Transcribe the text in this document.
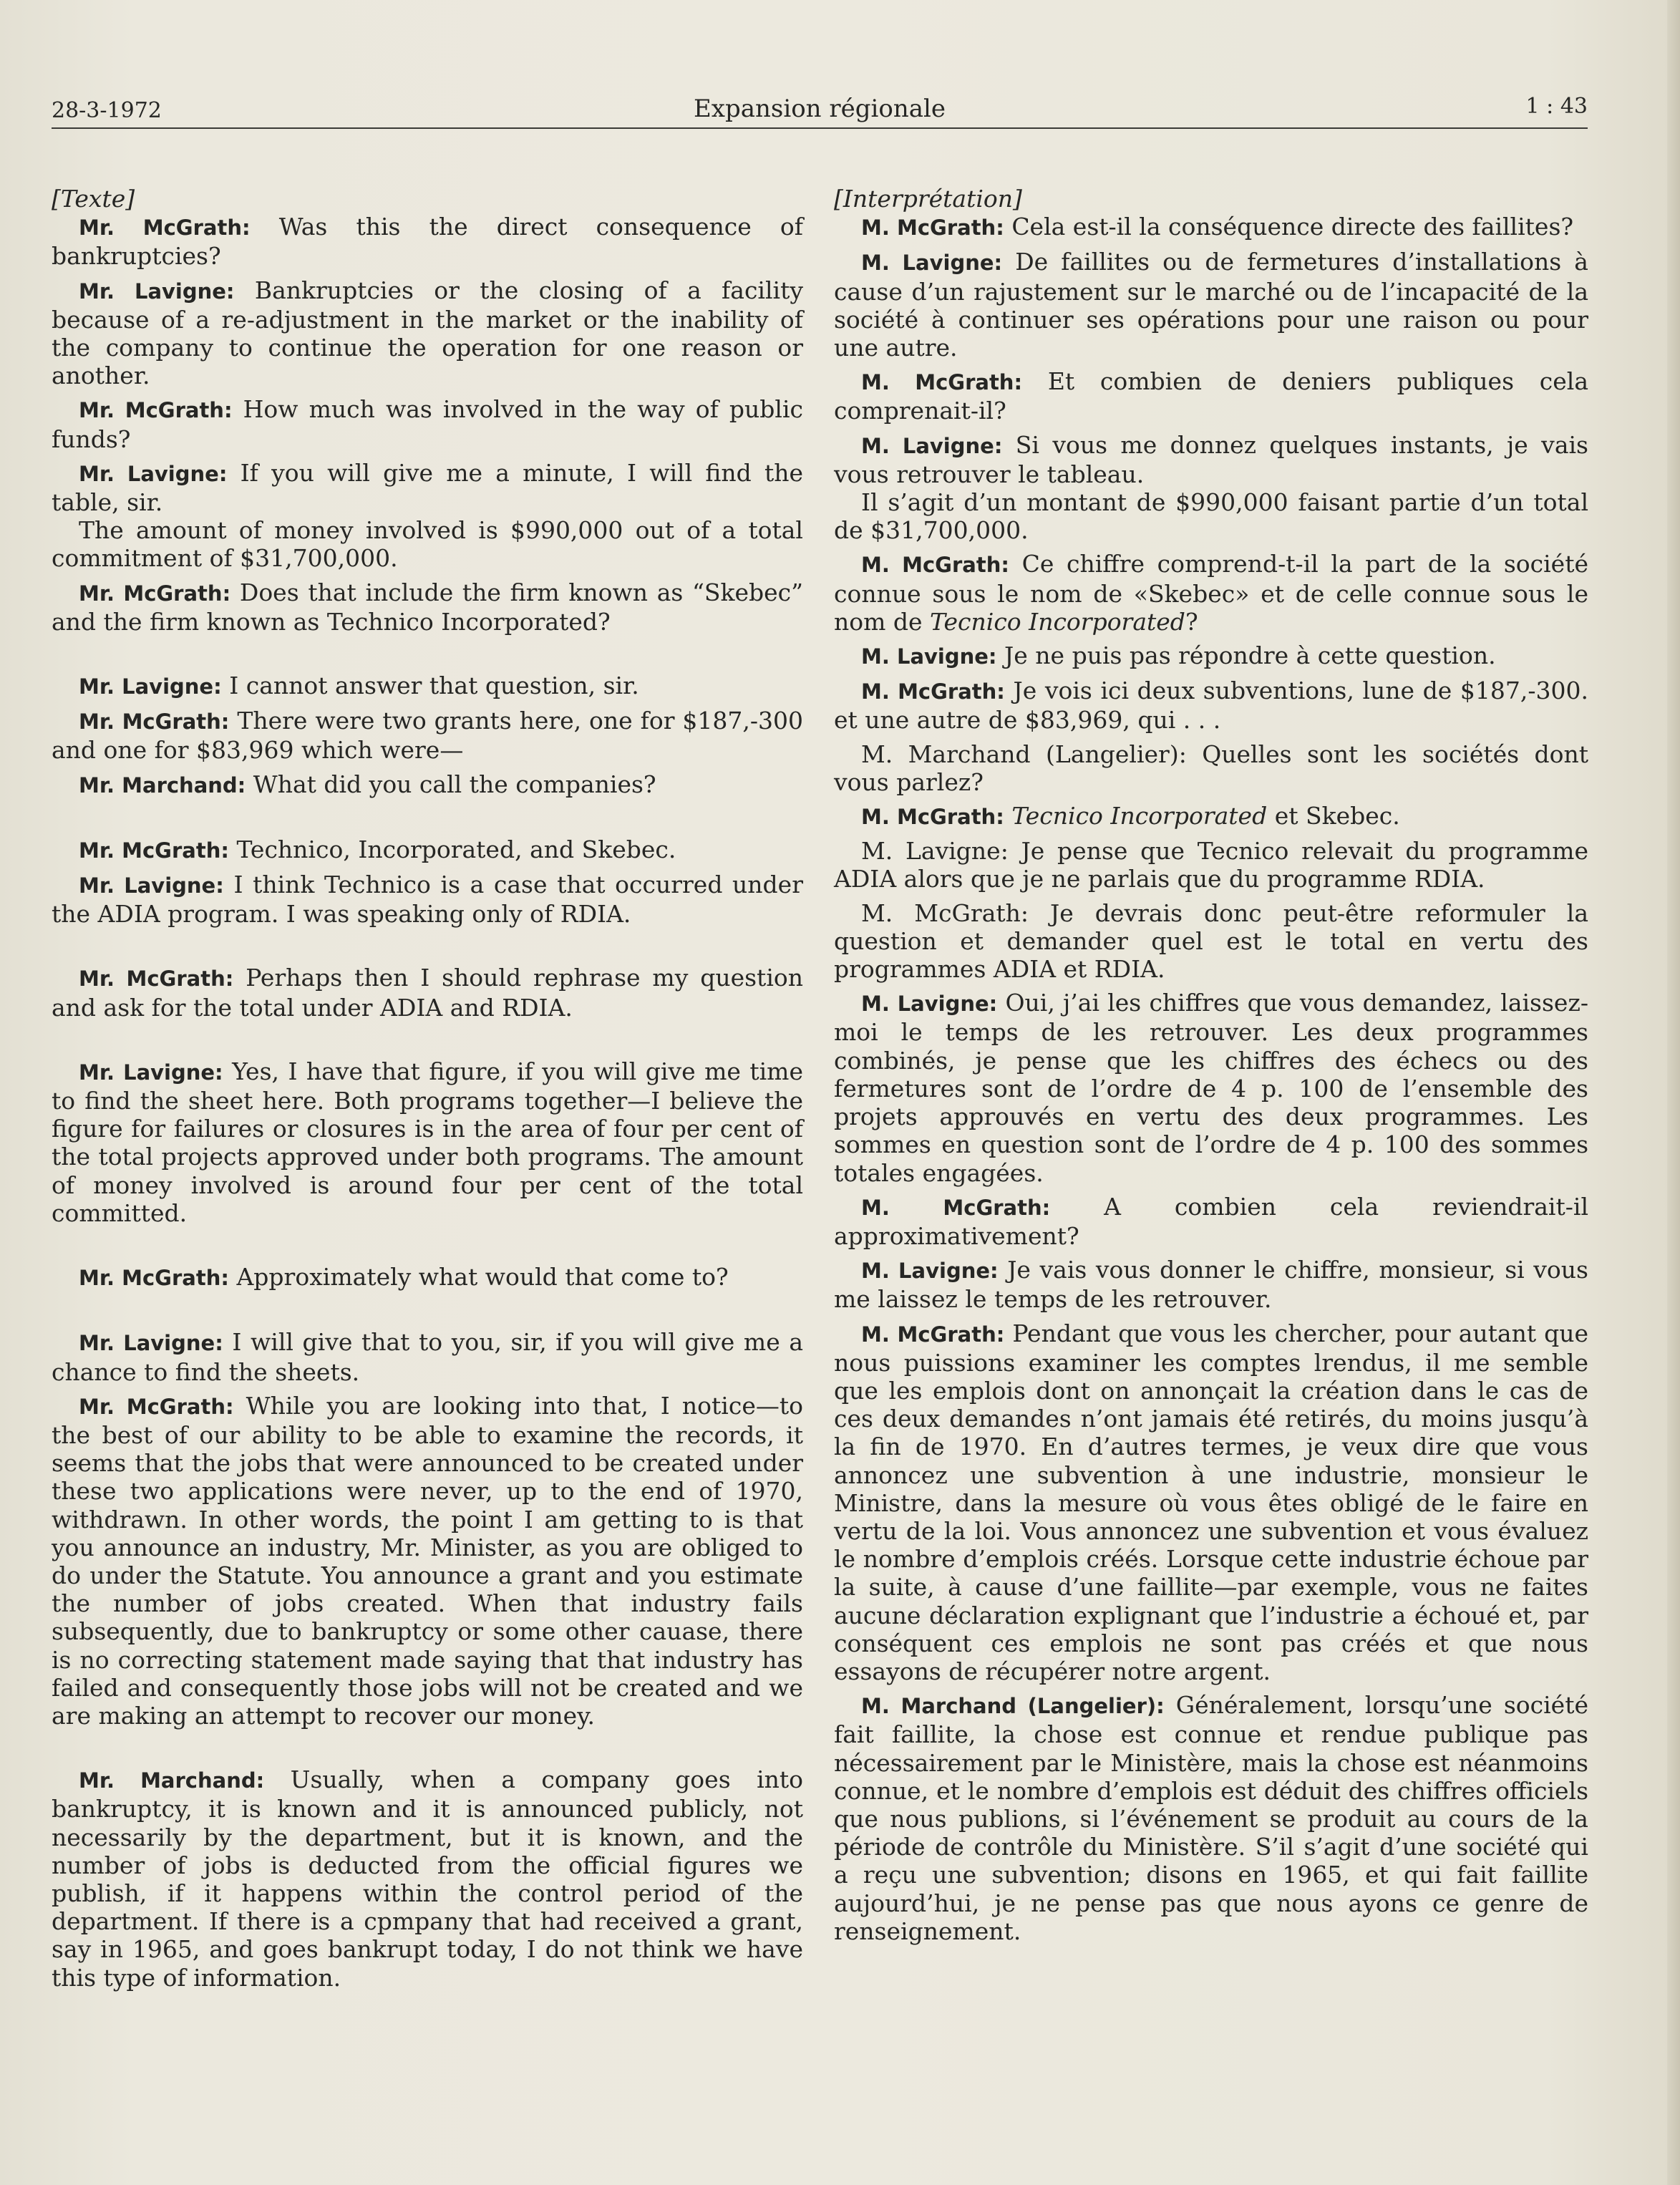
28-3-1972	Expansion régionale	1 : 43

[Texte]

Mr. McGrath: Was this the direct consequence of bankruptcies?

Mr. Lavigne: Bankruptcies or the closing of a facility because of a re-adjustment in the market or the inability of the company to continue the operation for one reason or another.

Mr. McGrath: How much was involved in the way of public funds?

Mr. Lavigne: If you will give me a minute, I will find the table, sir.

The amount of money involved is $990,000 out of a total commitment of $31,700,000.

Mr. McGrath: Does that include the firm known as “Skebec” and the firm known as Technico Incorporated?

Mr. Lavigne: I cannot answer that question, sir.

Mr. McGrath: There were two grants here, one for $187,-300 and one for $83,969 which were—

Mr. Marchand: What did you call the companies?

Mr. McGrath: Technico, Incorporated, and Skebec.

Mr. Lavigne: I think Technico is a case that occurred under the ADIA program. I was speaking only of RDIA.

Mr. McGrath: Perhaps then I should rephrase my question and ask for the total under ADIA and RDIA.

Mr. Lavigne: Yes, I have that figure, if you will give me time to find the sheet here. Both programs together—I believe the figure for failures or closures is in the area of four per cent of the total projects approved under both programs. The amount of money involved is around four per cent of the total committed.

Mr. McGrath: Approximately what would that come to?

Mr. Lavigne: I will give that to you, sir, if you will give me a chance to find the sheets.

Mr. McGrath: While you are looking into that, I notice—to the best of our ability to be able to examine the records, it seems that the jobs that were announced to be created under these two applications were never, up to the end of 1970, withdrawn. In other words, the point I am getting to is that you announce an industry, Mr. Minister, as you are obliged to do under the Statute. You announce a grant and you estimate the number of jobs created. When that industry fails subsequently, due to bankruptcy or some other cauase, there is no correcting statement made saying that that industry has failed and consequently those jobs will not be created and we are making an attempt to recover our money.

Mr. Marchand: Usually, when a company goes into bankruptcy, it is known and it is announced publicly, not necessarily by the department, but it is known, and the number of jobs is deducted from the official figures we publish, if it happens within the control period of the department. If there is a cpmpany that had received a grant, say in 1965, and goes bankrupt today, I do not think we have this type of information.

[Interprétation]

M. McGrath: Cela est-il la conséquence directe des faillites?

M. Lavigne: De faillites ou de fermetures d’installations à cause d’un rajustement sur le marché ou de l’incapacité de la société à continuer ses opérations pour une raison ou pour une autre.

M. McGrath: Et combien de deniers publiques cela comprenait-il?

M. Lavigne: Si vous me donnez quelques instants, je vais vous retrouver le tableau.

Il s’agit d’un montant de $990,000 faisant partie d’un total de $31,700,000.

M. McGrath: Ce chiffre comprend-t-il la part de la société connue sous le nom de «Skebec» et de celle connue sous le nom de Tecnico Incorporated?

M. Lavigne: Je ne puis pas répondre à cette question.

M. McGrath: Je vois ici deux subventions, lune de $187,-300. et une autre de $83,969, qui . . .

M. Marchand (Langelier): Quelles sont les sociétés dont vous parlez?

M. McGrath: Tecnico Incorporated et Skebec.

M. Lavigne: Je pense que Tecnico relevait du programme ADIA alors que je ne parlais que du programme RDIA.

M. McGrath: Je devrais donc peut-être reformuler la question et demander quel est le total en vertu des programmes ADIA et RDIA.

M. Lavigne: Oui, j’ai les chiffres que vous demandez, laissez-moi le temps de les retrouver. Les deux programmes combinés, je pense que les chiffres des échecs ou des fermetures sont de l’ordre de 4 p. 100 de l’ensemble des projets approuvés en vertu des deux programmes. Les sommes en question sont de l’ordre de 4 p. 100 des sommes totales engagées.

M. McGrath: A combien cela reviendrait-il approximativement?

M. Lavigne: Je vais vous donner le chiffre, monsieur, si vous me laissez le temps de les retrouver.

M. McGrath: Pendant que vous les chercher, pour autant que nous puissions examiner les comptes lrendus, il me semble que les emplois dont on annonçait la création dans le cas de ces deux demandes n’ont jamais été retirés, du moins jusqu’à la fin de 1970. En d’autres termes, je veux dire que vous annoncez une subvention à une industrie, monsieur le Ministre, dans la mesure où vous êtes obligé de le faire en vertu de la loi. Vous annoncez une subvention et vous évaluez le nombre d’emplois créés. Lorsque cette industrie échoue par la suite, à cause d’une faillite—par exemple, vous ne faites aucune déclaration explignant que l’industrie a échoué et, par conséquent ces emplois ne sont pas créés et que nous essayons de récupérer notre argent.

M. Marchand (Langelier): Généralement, lorsqu’une société fait faillite, la chose est connue et rendue publique pas nécessairement par le Ministère, mais la chose est néanmoins connue, et le nombre d’emplois est déduit des chiffres officiels que nous publions, si l’événement se produit au cours de la période de contrôle du Ministère. S’il s’agit d’une société qui a reçu une subvention; disons en 1965, et qui fait faillite aujourd’hui, je ne pense pas que nous ayons ce genre de renseignement.
